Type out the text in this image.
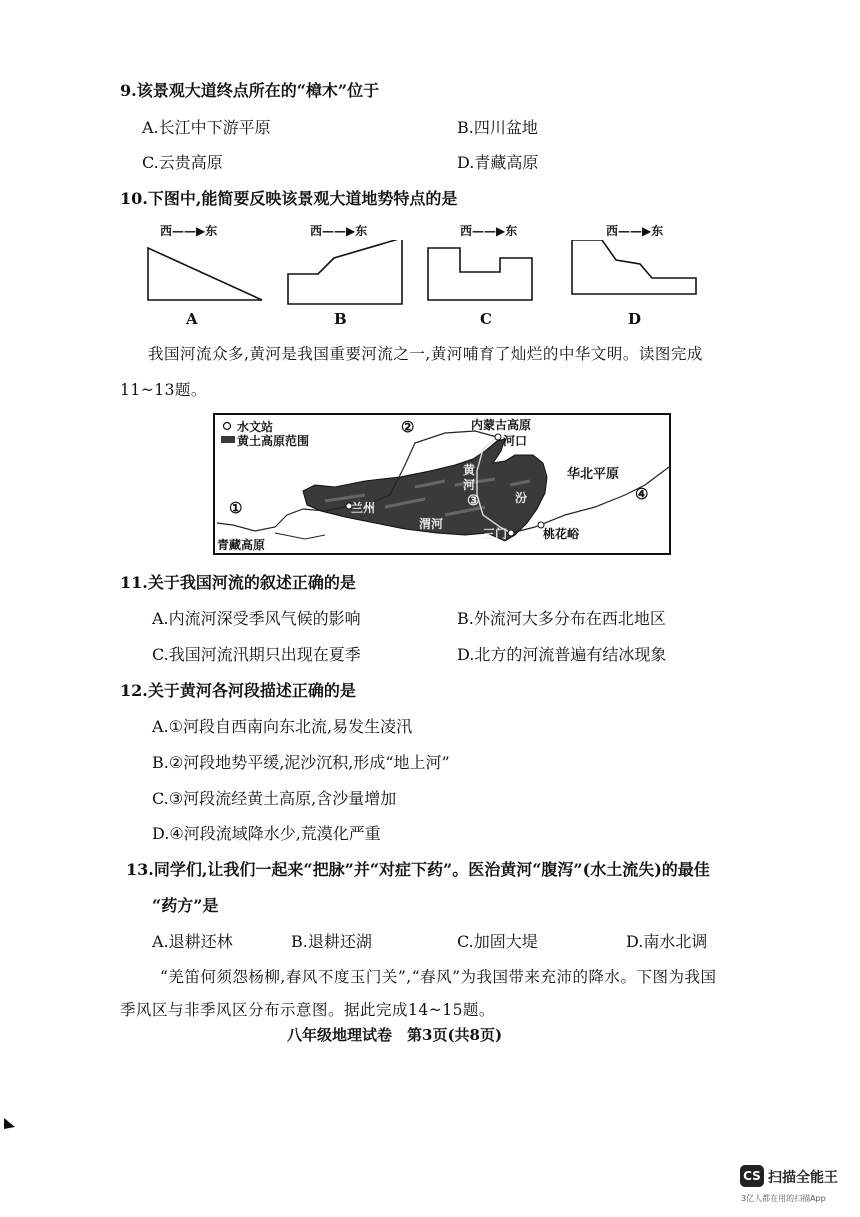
9.该景观大道终点所在的“樟木”位于
A.长江中下游平原	B.四川盆地
C.云贵高原	D.青藏高原
10.下图中,能简要反映该景观大道地势特点的是
西——▶东	西——▶东	西——▶东	西——▶东
A	B	C	D
我国河流众多,黄河是我国重要河流之一,黄河哺育了灿烂的中华文明。读图完成
11~13题。
水文站
黄土高原范围
内蒙古高原
河口
华北平原
青藏高原
兰州
渭河
桃花峪
黄
河
汾
三门
①
②
③	④
11.关于我国河流的叙述正确的是
A.内流河深受季风气候的影响	B.外流河大多分布在西北地区
C.我国河流汛期只出现在夏季	D.北方的河流普遍有结冰现象
12.关于黄河各河段描述正确的是
A.①河段自西南向东北流,易发生凌汛
B.②河段地势平缓,泥沙沉积,形成“地上河”
C.③河段流经黄土高原,含沙量增加
D.④河段流域降水少,荒漠化严重
13.同学们,让我们一起来“把脉”并“对症下药”。医治黄河“腹泻”(水土流失)的最佳
“药方”是
A.退耕还林	B.退耕还湖	C.加固大堤	D.南水北调
“羌笛何须怨杨柳,春风不度玉门关”,“春风”为我国带来充沛的降水。下图为我国
季风区与非季风区分布示意图。据此完成14~15题。
八年级地理试卷　第3页(共8页)
CS 扫描全能王
3亿人都在用的扫描App
